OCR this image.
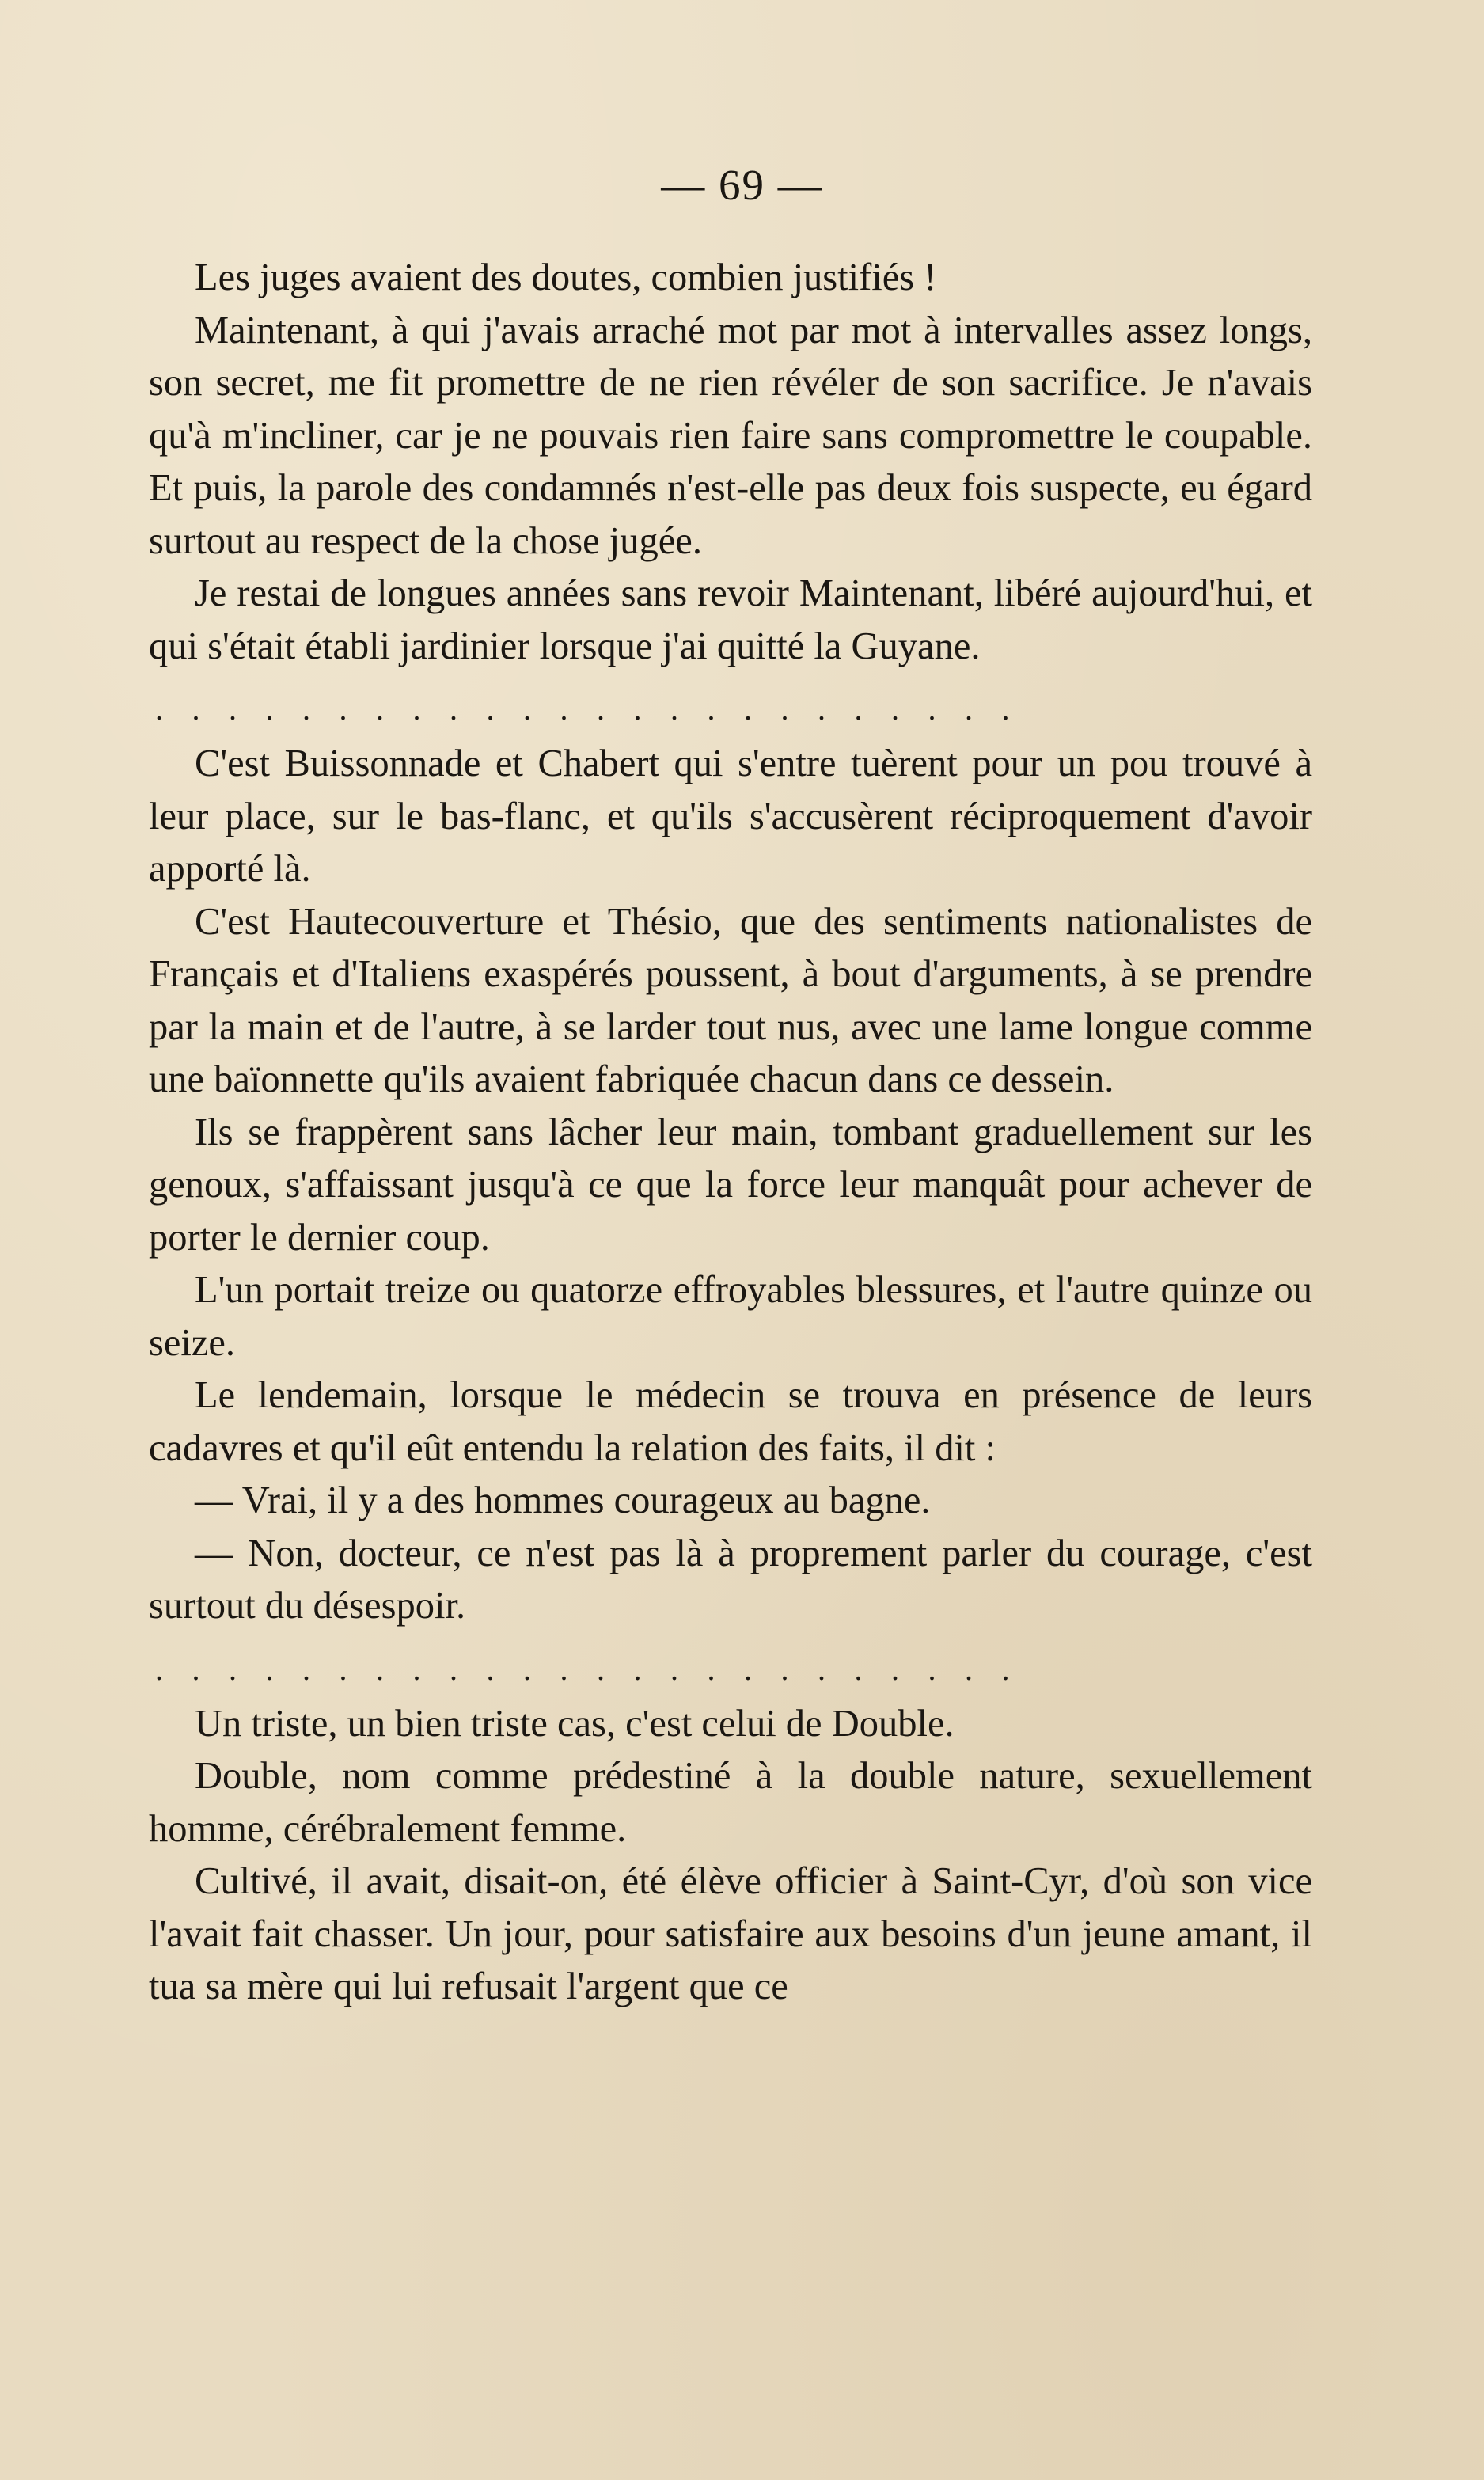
— 69 —

Les juges avaient des doutes, combien justifiés !

Maintenant, à qui j'avais arraché mot par mot à intervalles assez longs, son secret, me fit promettre de ne rien révéler de son sacrifice. Je n'avais qu'à m'incliner, car je ne pouvais rien faire sans compromettre le coupable. Et puis, la parole des condamnés n'est-elle pas deux fois suspecte, eu égard surtout au respect de la chose jugée.

Je restai de longues années sans revoir Maintenant, libéré aujourd'hui, et qui s'était établi jardinier lorsque j'ai quitté la Guyane.

........................

C'est Buissonnade et Chabert qui s'entre tuèrent pour un pou trouvé à leur place, sur le bas-flanc, et qu'ils s'accusèrent réciproquement d'avoir apporté là.

C'est Hautecouverture et Thésio, que des sentiments nationalistes de Français et d'Italiens exaspérés poussent, à bout d'arguments, à se prendre par la main et de l'autre, à se larder tout nus, avec une lame longue comme une baïonnette qu'ils avaient fabriquée chacun dans ce dessein.

Ils se frappèrent sans lâcher leur main, tombant graduellement sur les genoux, s'affaissant jusqu'à ce que la force leur manquât pour achever de porter le dernier coup.

L'un portait treize ou quatorze effroyables blessures, et l'autre quinze ou seize.

Le lendemain, lorsque le médecin se trouva en présence de leurs cadavres et qu'il eût entendu la relation des faits, il dit :

— Vrai, il y a des hommes courageux au bagne.

— Non, docteur, ce n'est pas là à proprement parler du courage, c'est surtout du désespoir.

........................

Un triste, un bien triste cas, c'est celui de Double.

Double, nom comme prédestiné à la double nature, sexuellement homme, cérébralement femme.

Cultivé, il avait, disait-on, été élève officier à Saint-Cyr, d'où son vice l'avait fait chasser. Un jour, pour satisfaire aux besoins d'un jeune amant, il tua sa mère qui lui refusait l'argent que ce
